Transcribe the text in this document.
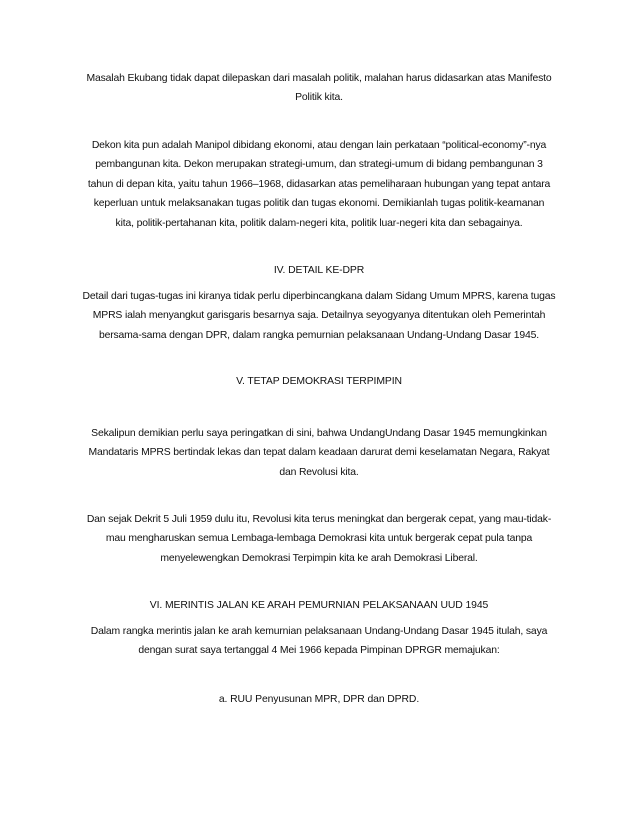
Masalah Ekubang tidak dapat dilepaskan dari masalah politik, malahan harus didasarkan atas Manifesto
Politik kita.
Dekon kita pun adalah Manipol dibidang ekonomi, atau dengan lain perkataan “political-economy”-nya
pembangunan kita. Dekon merupakan strategi-umum, dan strategi-umum di bidang pembangunan 3
tahun di depan kita, yaitu tahun 1966–1968, didasarkan atas pemeliharaan hubungan yang tepat antara
keperluan untuk melaksanakan tugas politik dan tugas ekonomi. Demikianlah tugas politik-keamanan
kita, politik-pertahanan kita, politik dalam-negeri kita, politik luar-negeri kita dan sebagainya.
IV. DETAIL KE-DPR
Detail dari tugas-tugas ini kiranya tidak perlu diperbincangkana dalam Sidang Umum MPRS, karena tugas
MPRS ialah menyangkut garisgaris besarnya saja. Detailnya seyogyanya ditentukan oleh Pemerintah
bersama-sama dengan DPR, dalam rangka pemurnian pelaksanaan Undang-Undang Dasar 1945.
V. TETAP DEMOKRASI TERPIMPIN
Sekalipun demikian perlu saya peringatkan di sini, bahwa UndangUndang Dasar 1945 memungkinkan
Mandataris MPRS bertindak lekas dan tepat dalam keadaan darurat demi keselamatan Negara, Rakyat
dan Revolusi kita.
Dan sejak Dekrit 5 Juli 1959 dulu itu, Revolusi kita terus meningkat dan bergerak cepat, yang mau-tidak-
mau mengharuskan semua Lembaga-lembaga Demokrasi kita untuk bergerak cepat pula tanpa
menyelewengkan Demokrasi Terpimpin kita ke arah Demokrasi Liberal.
VI. MERINTIS JALAN KE ARAH PEMURNIAN PELAKSANAAN UUD 1945
Dalam rangka merintis jalan ke arah kemurnian pelaksanaan Undang-Undang Dasar 1945 itulah, saya
dengan surat saya tertanggal 4 Mei 1966 kepada Pimpinan DPRGR memajukan:
a. RUU Penyusunan MPR, DPR dan DPRD.
